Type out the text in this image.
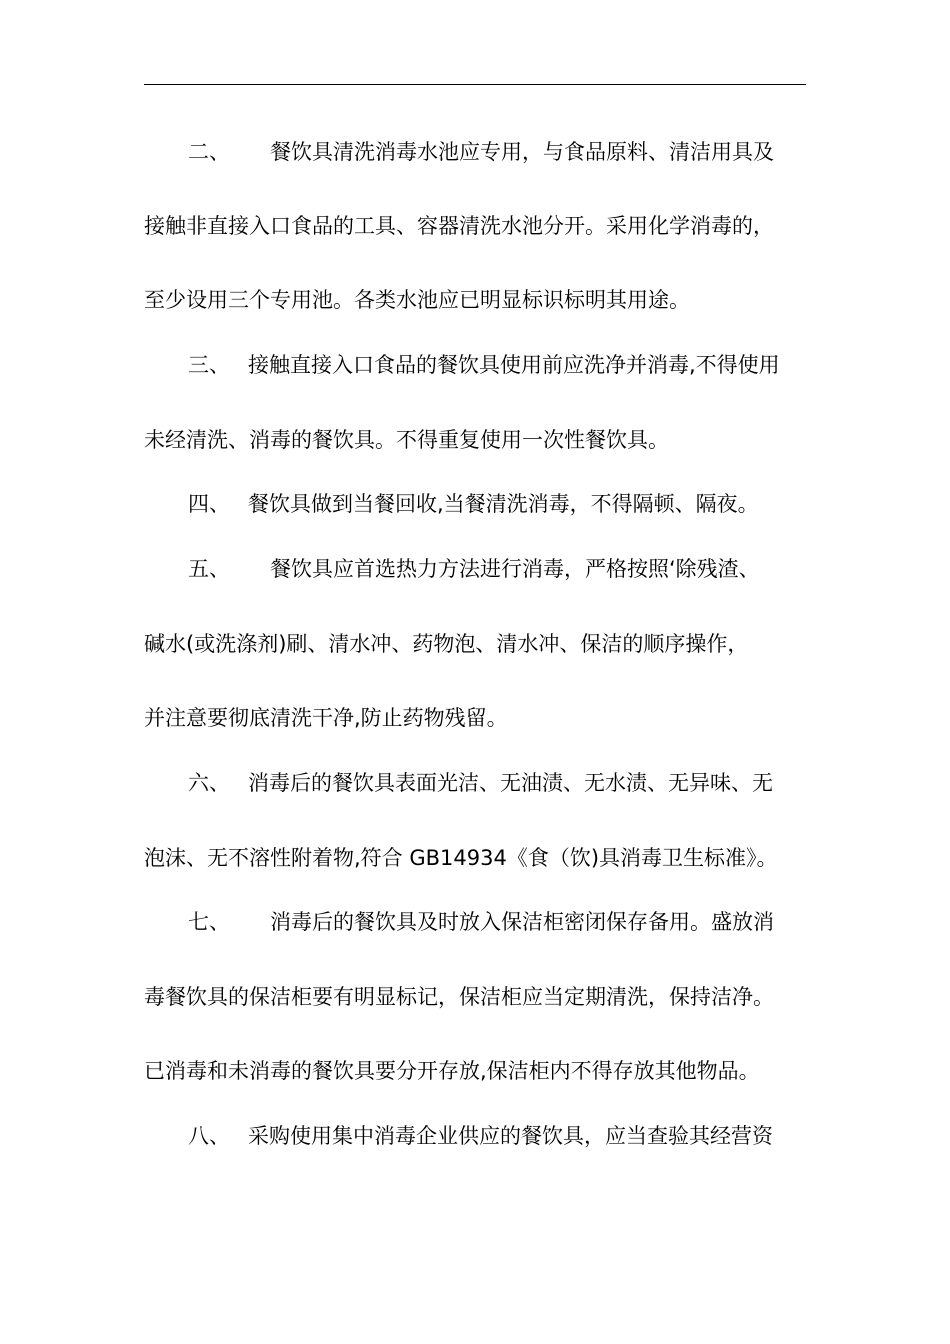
二、 餐饮具清洗消毒水池应专用，与食品原料、清洁用具及
接触非直接入口食品的工具、容器清洗水池分开。采用化学消毒的，
至少设用三个专用池。各类水池应已明显标识标明其用途。
三、 接触直接入口食品的餐饮具使用前应洗净并消毒,不得使用
未经清洗、消毒的餐饮具。不得重复使用一次性餐饮具。
四、 餐饮具做到当餐回收,当餐清洗消毒，不得隔顿、隔夜。
五、 餐饮具应首选热力方法进行消毒，严格按照‘除残渣、
碱水(或洗涤剂)刷、清水冲、药物泡、清水冲、保洁的顺序操作，
并注意要彻底清洗干净,防止药物残留。
六、 消毒后的餐饮具表面光洁、无油渍、无水渍、无异味、无
泡沫、无不溶性附着物,符合 GB14934《食（饮)具消毒卫生标准》。
七、 消毒后的餐饮具及时放入保洁柜密闭保存备用。盛放消
毒餐饮具的保洁柜要有明显标记，保洁柜应当定期清洗，保持洁净。
已消毒和未消毒的餐饮具要分开存放,保洁柜内不得存放其他物品。
八、 采购使用集中消毒企业供应的餐饮具，应当查验其经营资
